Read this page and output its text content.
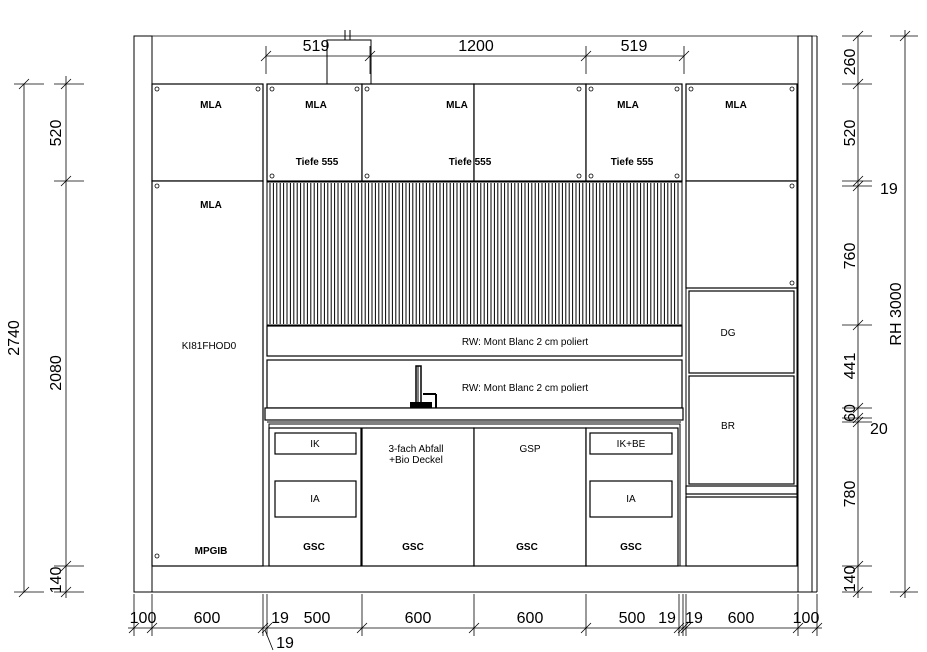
MLA	MLA	MLA	MLA	MLA
MLA
Tiefe 555	Tiefe 555	Tiefe 555
KI81FHOD0	RW: Mont Blanc 2 cm poliert
RW: Mont Blanc 2 cm poliert
MPGIB
IK
IA
3-fach Abfall
+Bio Deckel
GSP	IK+BE
IA
GSC	GSC	GSC	GSC
DG
BR
519	1200	519
100 600	19 500	600	600	500 19 19 600 100
19
2740
520
2080
140
260
520
19
760
441
60
20
780
140
RH 3000
